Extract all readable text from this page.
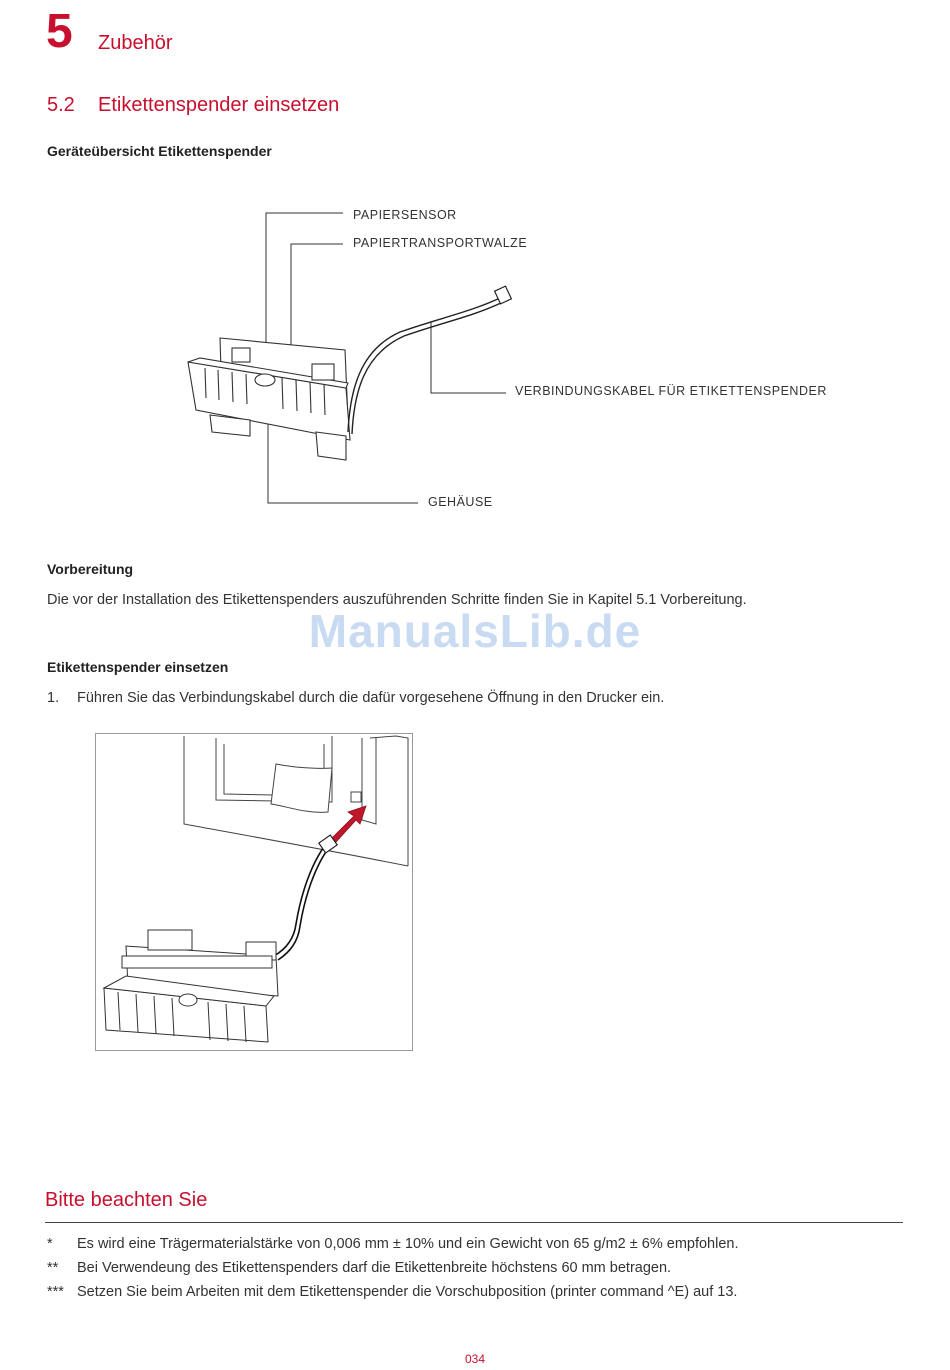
5 Zubehör
5.2 Etikettenspender einsetzen
Geräteübersicht Etikettenspender
PAPIERSENSOR
PAPIERTRANSPORTWALZE
VERBINDUNGSKABEL FÜR ETIKETTENSPENDER
GEHÄUSE
Vorbereitung
Die vor der Installation des Etikettenspenders auszuführenden Schritte finden Sie in Kapitel 5.1 Vorbereitung.
ManualsLib.de
Etikettenspender einsetzen
1. Führen Sie das Verbindungskabel durch die dafür vorgesehene Öffnung in den Drucker ein.
Bitte beachten Sie
* Es wird eine Trägermaterialstärke von 0,006 mm ± 10% und ein Gewicht von 65 g/m2 ± 6% empfohlen.
** Bei Verwendeung des Etikettenspenders darf die Etikettenbreite höchstens 60 mm betragen.
*** Setzen Sie beim Arbeiten mit dem Etikettenspender die Vorschubposition (printer command ^E) auf 13.
034
